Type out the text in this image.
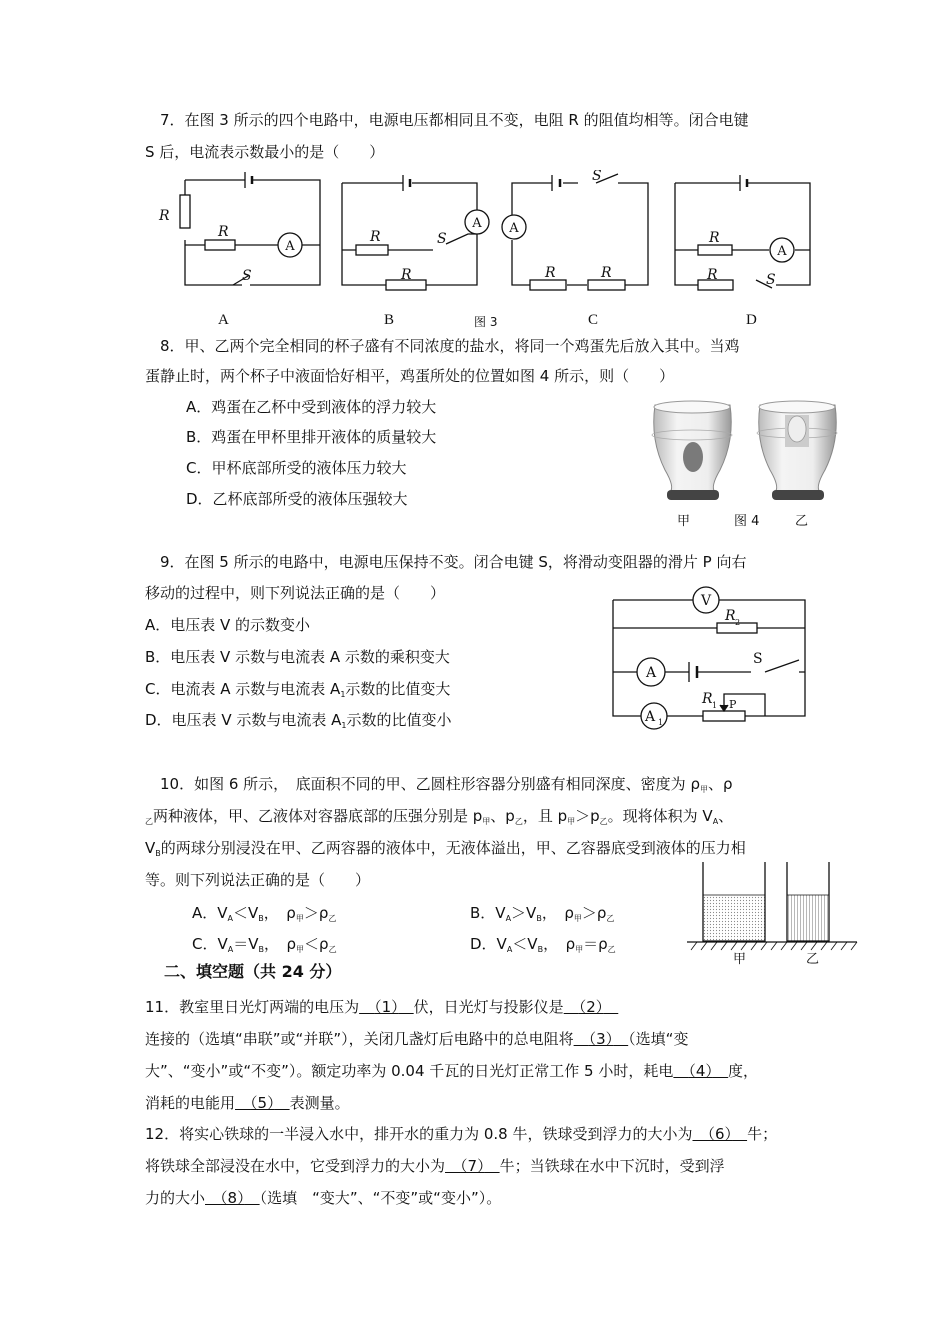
7．在图 3 所示的四个电路中，电源电压都相同且不变，电阻 R 的阻值均相等。闭合电键
S 后，电流表示数最小的是（　　）
R
R
S
R
R
S
R	R
S
R
R	S
A
A A
A
A	B	图 3	C	D
8．甲、乙两个完全相同的杯子盛有不同浓度的盐水，将同一个鸡蛋先后放入其中。当鸡
蛋静止时，两个杯子中液面恰好相平，鸡蛋所处的位置如图 4 所示，则（　　）
A．鸡蛋在乙杯中受到液体的浮力较大
B．鸡蛋在甲杯里排开液体的质量较大
C．甲杯底部所受的液体压力较大
D．乙杯底部所受的液体压强较大
甲	图 4	乙
9．在图 5 所示的电路中，电源电压保持不变。闭合电键 S，将滑动变阻器的滑片 P 向右
移动的过程中，则下列说法正确的是（　　）
A．电压表 V 的示数变小
B．电压表 V 示数与电流表 A 示数的乘积变大
C．电流表 A 示数与电流表 $A_1$示数的比值变大
D．电压表 V 示数与电流表 $A_1$示数的比值变小
V
R 2
A
S
A 1
R 1 P
10．如图 6 所示，　底面积不同的甲、乙圆柱形容器分别盛有相同深度、密度为 $\rho_甲$、ρ
$_乙$两种液体，甲、乙液体对容器底部的压强分别是 $p_甲$、$p_乙$，且 $p_甲>p_乙$。现将体积为 $V_A$、
$V_B$的两球分别浸没在甲、乙两容器的液体中，无液体溢出，甲、乙容器底受到液体的压力相
等。则下列说法正确的是（　　）
A．$V_A<V_B$，　$\rho_甲>\rho_乙$	B．$V_A>V_B$，　$\rho_甲>\rho_乙$
C．$V_A=V_B$，　$\rho_甲<\rho_乙$	D．$V_A<V_B$，　$\rho_甲=\rho_乙$
甲	乙
二、填空题（共 24 分）
11．教室里日光灯两端的电压为　 （1）　 伏，日光灯与投影仪是　 （2）　
连接的（选填“串联”或“并联”），关闭几盏灯后电路中的总电阻将　 （3）　 （选填“变
大”、“变小”或“不变”）。额定功率为 0.04 千瓦的日光灯正常工作 5 小时，耗电　 （4）　 度，
消耗的电能用　 （5）　 表测量。
12．将实心铁球的一半浸入水中，排开水的重力为 0.8 牛，铁球受到浮力的大小为　 （6）　 牛；
将铁球全部浸没在水中，它受到浮力的大小为　 （7）　 牛；当铁球在水中下沉时，受到浮
力的大小　 （8）　 （选填　“变大”、“不变”或“变小”）。
